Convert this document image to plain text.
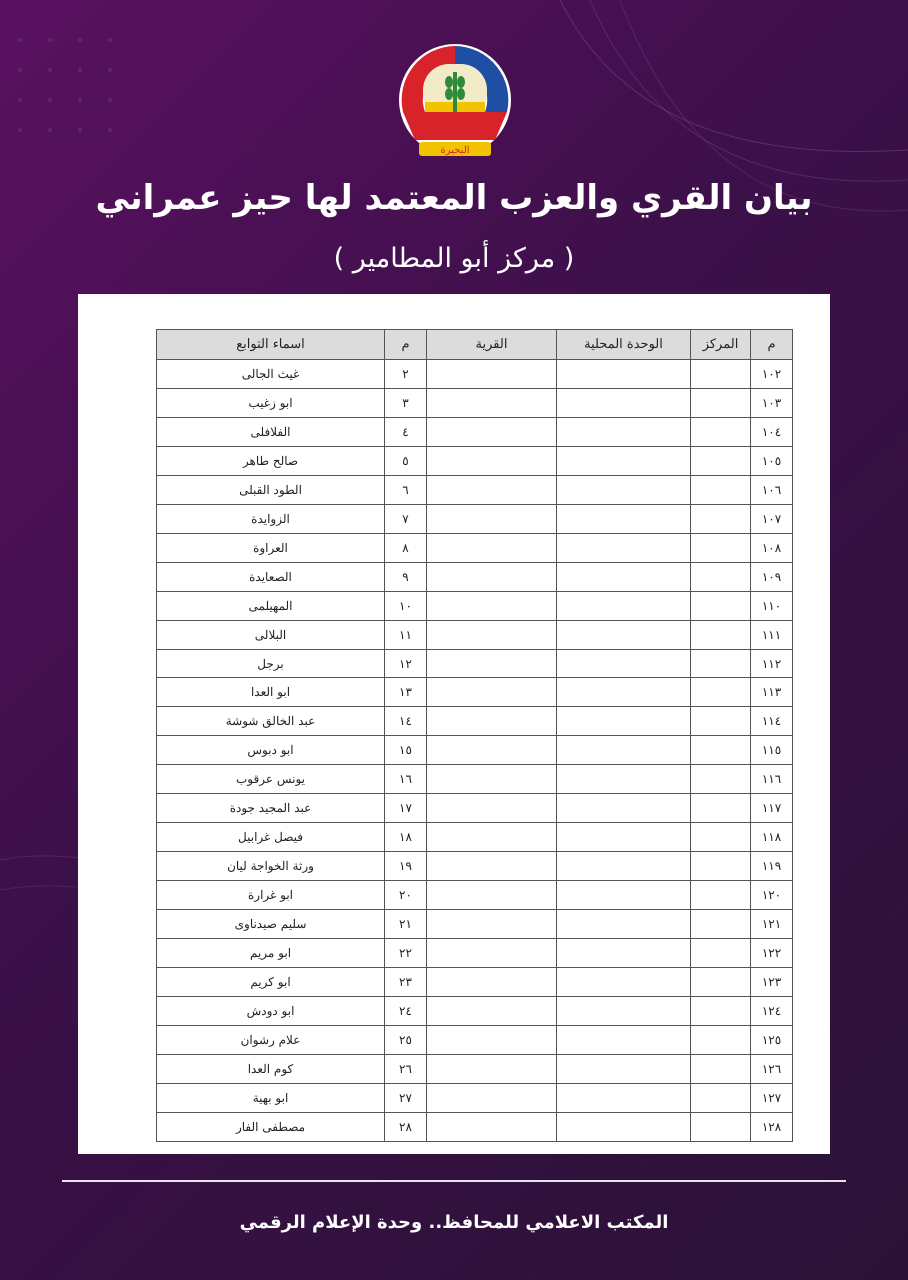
البحيرة
بيان القري والعزب المعتمد لها حيز عمراني
( مركز أبو المطامير )
م	المركز	الوحدة المحلية	القرية	م	اسماء التوابع
١٠٢				٢	غيث الجالى
١٠٣				٣	ابو زغيب
١٠٤				٤	الفلافلى
١٠٥				٥	صالح طاهر
١٠٦				٦	الطود القبلى
١٠٧				٧	الزوايدة
١٠٨				٨	العراوة
١٠٩				٩	الصعايدة
١١٠				١٠	المهيلمى
١١١				١١	البلالى
١١٢				١٢	برجل
١١٣				١٣	ابو العدا
١١٤				١٤	عبد الخالق شوشة
١١٥				١٥	ابو دبوس
١١٦				١٦	يونس عرقوب
١١٧				١٧	عبد المجيد جودة
١١٨				١٨	فيصل غرابيل
١١٩				١٩	ورثة الخواجة ليان
١٢٠				٢٠	ابو غرارة
١٢١				٢١	سليم صيدناوى
١٢٢				٢٢	ابو مريم
١٢٣				٢٣	ابو كريم
١٢٤				٢٤	ابو دودش
١٢٥				٢٥	علام رشوان
١٢٦				٢٦	كوم العدا
١٢٧				٢٧	ابو بهية
١٢٨				٢٨	مصطفى الفار
المكتب الاعلامي للمحافظ.. وحدة الإعلام الرقمي
